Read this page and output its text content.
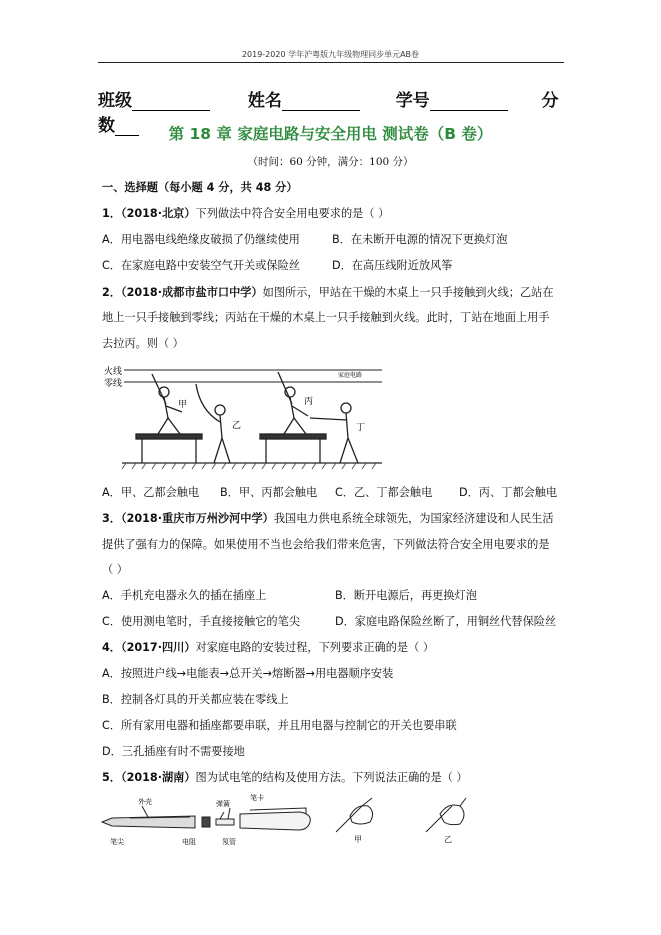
2019-2020 学年沪粤版九年级物理同步单元AB卷
班级	姓名	学号	分数	第 18 章 家庭电路与安全用电 测试卷（B 卷）
（时间：60 分钟，满分：100 分）
一、选择题（每小题 4 分，共 48 分）
1．（2018·北京）下列做法中符合安全用电要求的是（ ）
A．用电器电线绝缘皮破损了仍继续使用	B．在未断开电源的情况下更换灯泡
C．在家庭电路中安装空气开关或保险丝	D．在高压线附近放风筝
2．（2018·成都市盐市口中学）如图所示，甲站在干燥的木桌上一只手接触到火线；乙站在
地上一只手接触到零线；丙站在干燥的木桌上一只手接触到火线。此时，丁站在地面上用手
去拉丙。则（ ）
火线
零线
家庭电路
甲
乙
丙
丁
A．甲、乙都会触电 B．甲、丙都会触电 C．乙、丁都会触电 D．丙、丁都会触电
3．（2018·重庆市万州沙河中学）我国电力供电系统全球领先，为国家经济建设和人民生活
提供了强有力的保障。如果使用不当也会给我们带来危害，下列做法符合安全用电要求的是
（ ）
A．手机充电器永久的插在插座上	B．断开电源后，再更换灯泡
C．使用测电笔时，手直接接触它的笔尖	D．家庭电路保险丝断了，用铜丝代替保险丝
4．（2017·四川）对家庭电路的安装过程，下列要求正确的是（ ）
A．按照进户线→电能表→总开关→熔断器→用电器顺序安装
B．控制各灯具的开关都应装在零线上
C．所有家用电器和插座都要串联，并且用电器与控制它的开关也要串联
D．三孔插座有时不需要接地
5．（2018·湖南）图为试电笔的结构及使用方法。下列说法正确的是（ ）
外壳	弹簧
笔卡
笔尖	电阻	氖管	甲	乙
